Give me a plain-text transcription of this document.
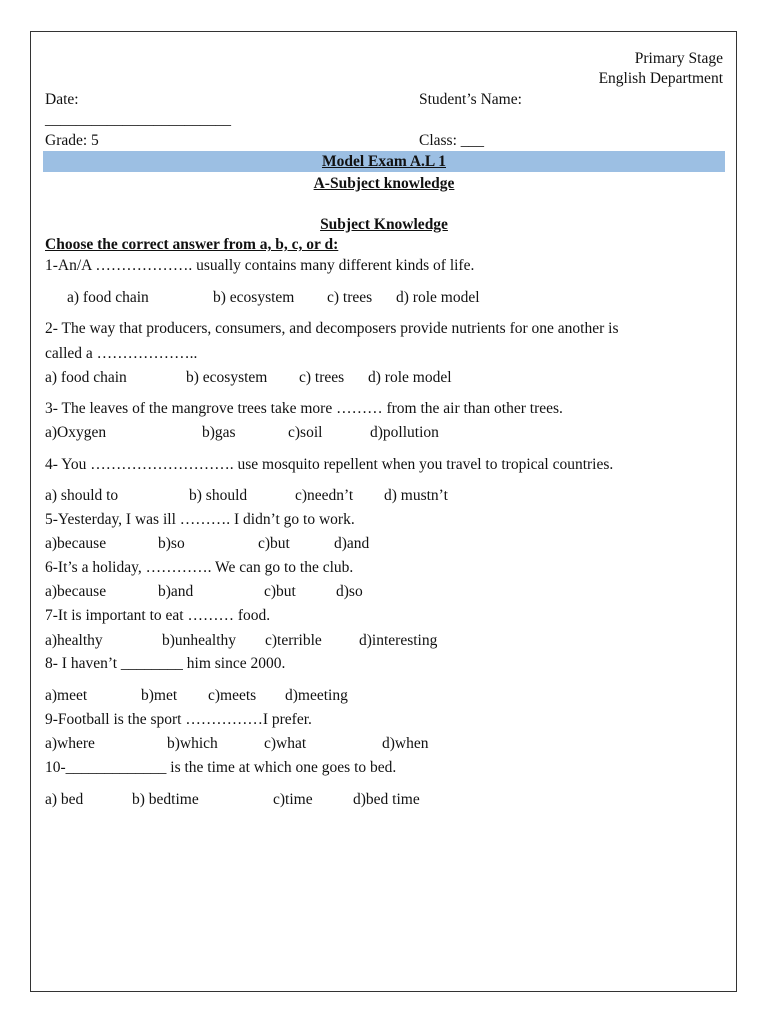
Primary Stage
English Department
Date:	Student’s Name:
________________________
Grade: 5	Class: ___
Model Exam A.L 1
A-Subject knowledge
Subject Knowledge
Choose the correct answer from a, b, c, or d:
1-An/A ………………. usually contains many different kinds of life.
a) food chain	b) ecosystem c) trees d) role model
2- The way that producers, consumers, and decomposers provide nutrients for one another is
called a ………………..
a) food chain	b) ecosystem c) trees d) role model
3- The leaves of the mangrove trees take more ……… from the air than other trees.
a)Oxygen	b)gas	c)soil	d)pollution
4- You ………………………. use mosquito repellent when you travel to tropical countries.
a) should to	b) should	c)needn’t d) mustn’t
5-Yesterday, I was ill ………. I didn’t go to work.
a)because	b)so	c)but	d)and
6-It’s a holiday, …………. We can go to the club.
a)because	b)and	c)but	d)so
7-It is important to eat ……… food.
a)healthy	b)unhealthy c)terrible d)interesting
8- I haven’t ________ him since 2000.
a)meet	b)met c)meets d)meeting
9-Football is the sport ……………I prefer.
a)where	b)which	c)what	d)when
10-_____________ is the time at which one goes to bed.
a) bed	b) bedtime	c)time	d)bed time
